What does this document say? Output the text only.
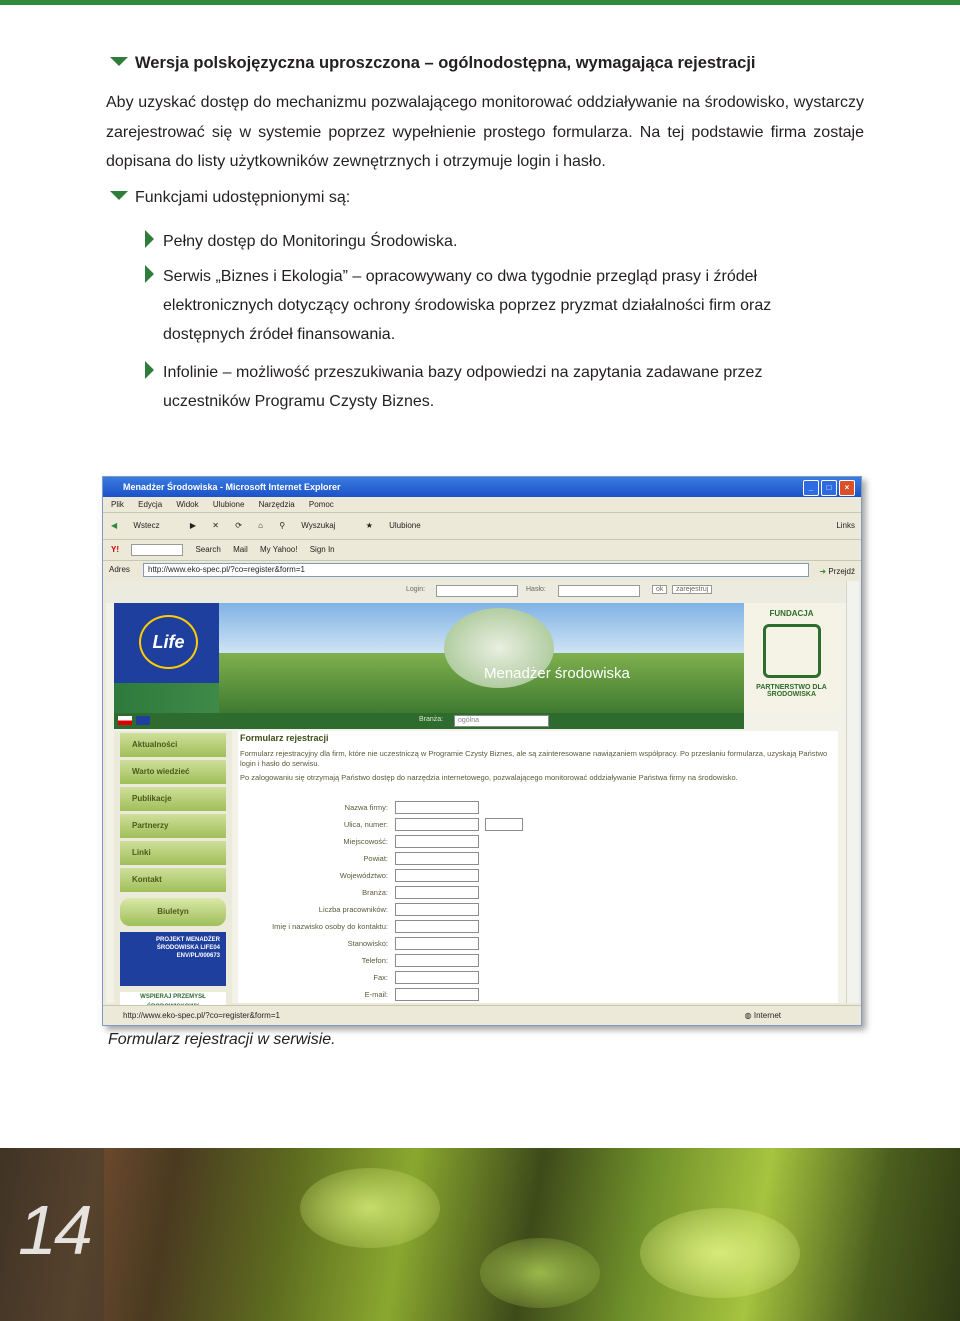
Wersja polskojęzyczna uproszczona – ogólnodostępna, wymagająca rejestracji
Aby uzyskać dostęp do mechanizmu pozwalającego monitorować oddziaływanie na środowisko, wystarczy zarejestrować się w systemie poprzez wypełnienie prostego formularza. Na tej podstawie firma zostaje dopisana do listy użytkowników zewnętrznych i otrzymuje login i hasło.
Funkcjami udostępnionymi są:
Pełny dostęp do Monitoringu Środowiska.
Serwis „Biznes i Ekologia” – opracowywany co dwa tygodnie przegląd prasy i źródeł elektronicznych dotyczący ochrony środowiska poprzez pryzmat działalności firm oraz dostępnych źródeł finansowania.
Infolinie – możliwość przeszukiwania bazy odpowiedzi na zapytania zadawane przez uczestników Programu Czysty Biznes.
Menadżer Środowiska - Microsoft Internet Explorer	_	□	×
Plik Edycja Widok Ulubione Narzędzia Pomoc
◀ Wstecz	▶ ✕ ⟳ ⌂ ⚲ Wyszukaj	★ Ulubione	Links
Y!	Search Mail My Yahoo! Sign In
Adres	http://www.eko-spec.pl/?co=register&form=1	➜ Przejdź
Login:	Hasło:	ok	zarejestruj
Life
Menadżer środowiska
FUNDACJA
PARTNERSTWO DLA ŚRODOWISKA
Branża:	ogólna
Aktualności
Warto wiedzieć
Publikacje
Partnerzy
Linki
Kontakt
Biuletyn
PROJEKT MENADŻER ŚRODOWISKA LIFE04 ENV/PL/000673
WSPIERAJ PRZEMYSŁ
Formularz rejestracji
Formularz rejestracyjny dla firm, które nie uczestniczą w Programie Czysty Biznes, ale są zainteresowane nawiązaniem współpracy. Po przesłaniu formularza, uzyskają Państwo login i hasło do serwisu.
Po zalogowaniu się otrzymają Państwo dostęp do narzędzia internetowego, pozwalającego monitorować oddziaływanie Państwa firmy na środowisko.
Nazwa firmy:
Ulica, numer:
Miejscowość:
Powiat:
Województwo:
Branża:
Liczba pracowników:
Imię i nazwisko osoby do kontaktu:
Stanowisko:
Telefon:
Fax:
E-mail:
http://www.eko-spec.pl/?co=register&form=1	◍ Internet
Formularz rejestracji w serwisie.
14
